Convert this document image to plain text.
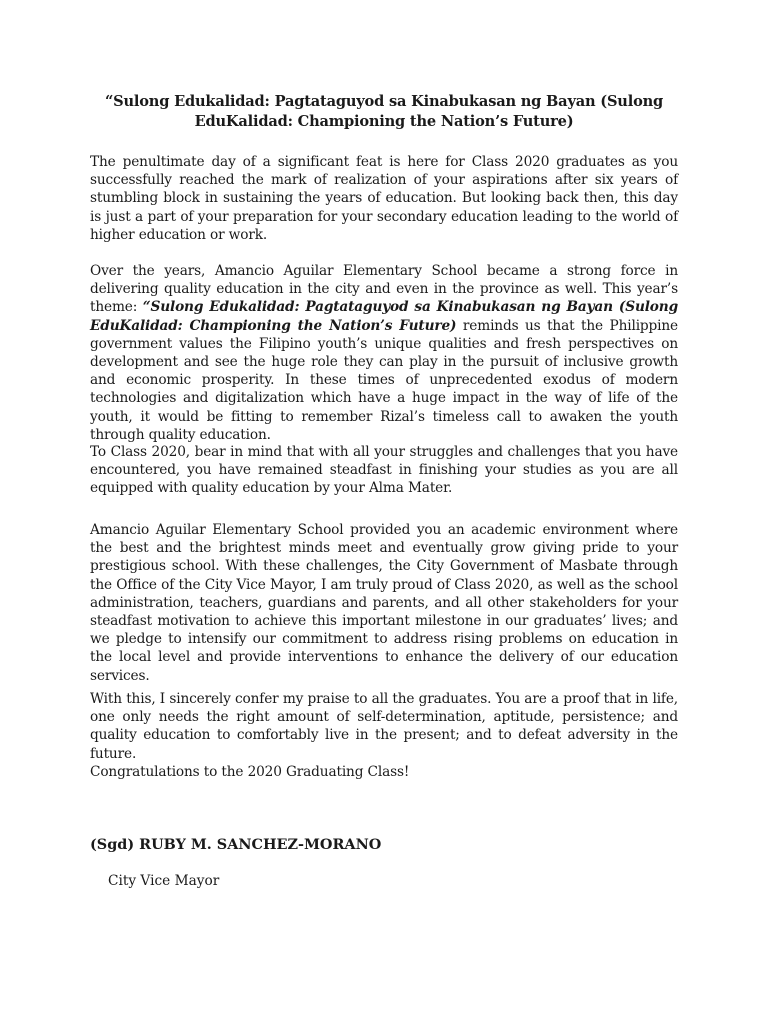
“Sulong Edukalidad: Pagtataguyod sa Kinabukasan ng Bayan (Sulong EduKalidad: Championing the Nation’s Future)

The penultimate day of a significant feat is here for Class 2020 graduates as you successfully reached the mark of realization of your aspirations after six years of stumbling block in sustaining the years of education. But looking back then, this day is just a part of your preparation for your secondary education leading to the world of higher education or work.

Over the years, Amancio Aguilar Elementary School became a strong force in delivering quality education in the city and even in the province as well. This year’s theme: “Sulong Edukalidad: Pagtataguyod sa Kinabukasan ng Bayan (Sulong EduKalidad: Championing the Nation’s Future) reminds us that the Philippine government values the Filipino youth’s unique qualities and fresh perspectives on development and see the huge role they can play in the pursuit of inclusive growth and economic prosperity. In these times of unprecedented exodus of modern technologies and digitalization which have a huge impact in the way of life of the youth, it would be fitting to remember Rizal’s timeless call to awaken the youth through quality education.

To Class 2020, bear in mind that with all your struggles and challenges that you have encountered, you have remained steadfast in finishing your studies as you are all equipped with quality education by your Alma Mater.

Amancio Aguilar Elementary School provided you an academic environment where the best and the brightest minds meet and eventually grow giving pride to your prestigious school. With these challenges, the City Government of Masbate through the Office of the City Vice Mayor, I am truly proud of Class 2020, as well as the school administration, teachers, guardians and parents, and all other stakeholders for your steadfast motivation to achieve this important milestone in our graduates’ lives; and we pledge to intensify our commitment to address rising problems on education in the local level and provide interventions to enhance the delivery of our education services.

With this, I sincerely confer my praise to all the graduates. You are a proof that in life, one only needs the right amount of self-determination, aptitude, persistence; and quality education to comfortably live in the present; and to defeat adversity in the future.

Congratulations to the 2020 Graduating Class!

(Sgd) RUBY M. SANCHEZ-MORANO

City Vice Mayor
